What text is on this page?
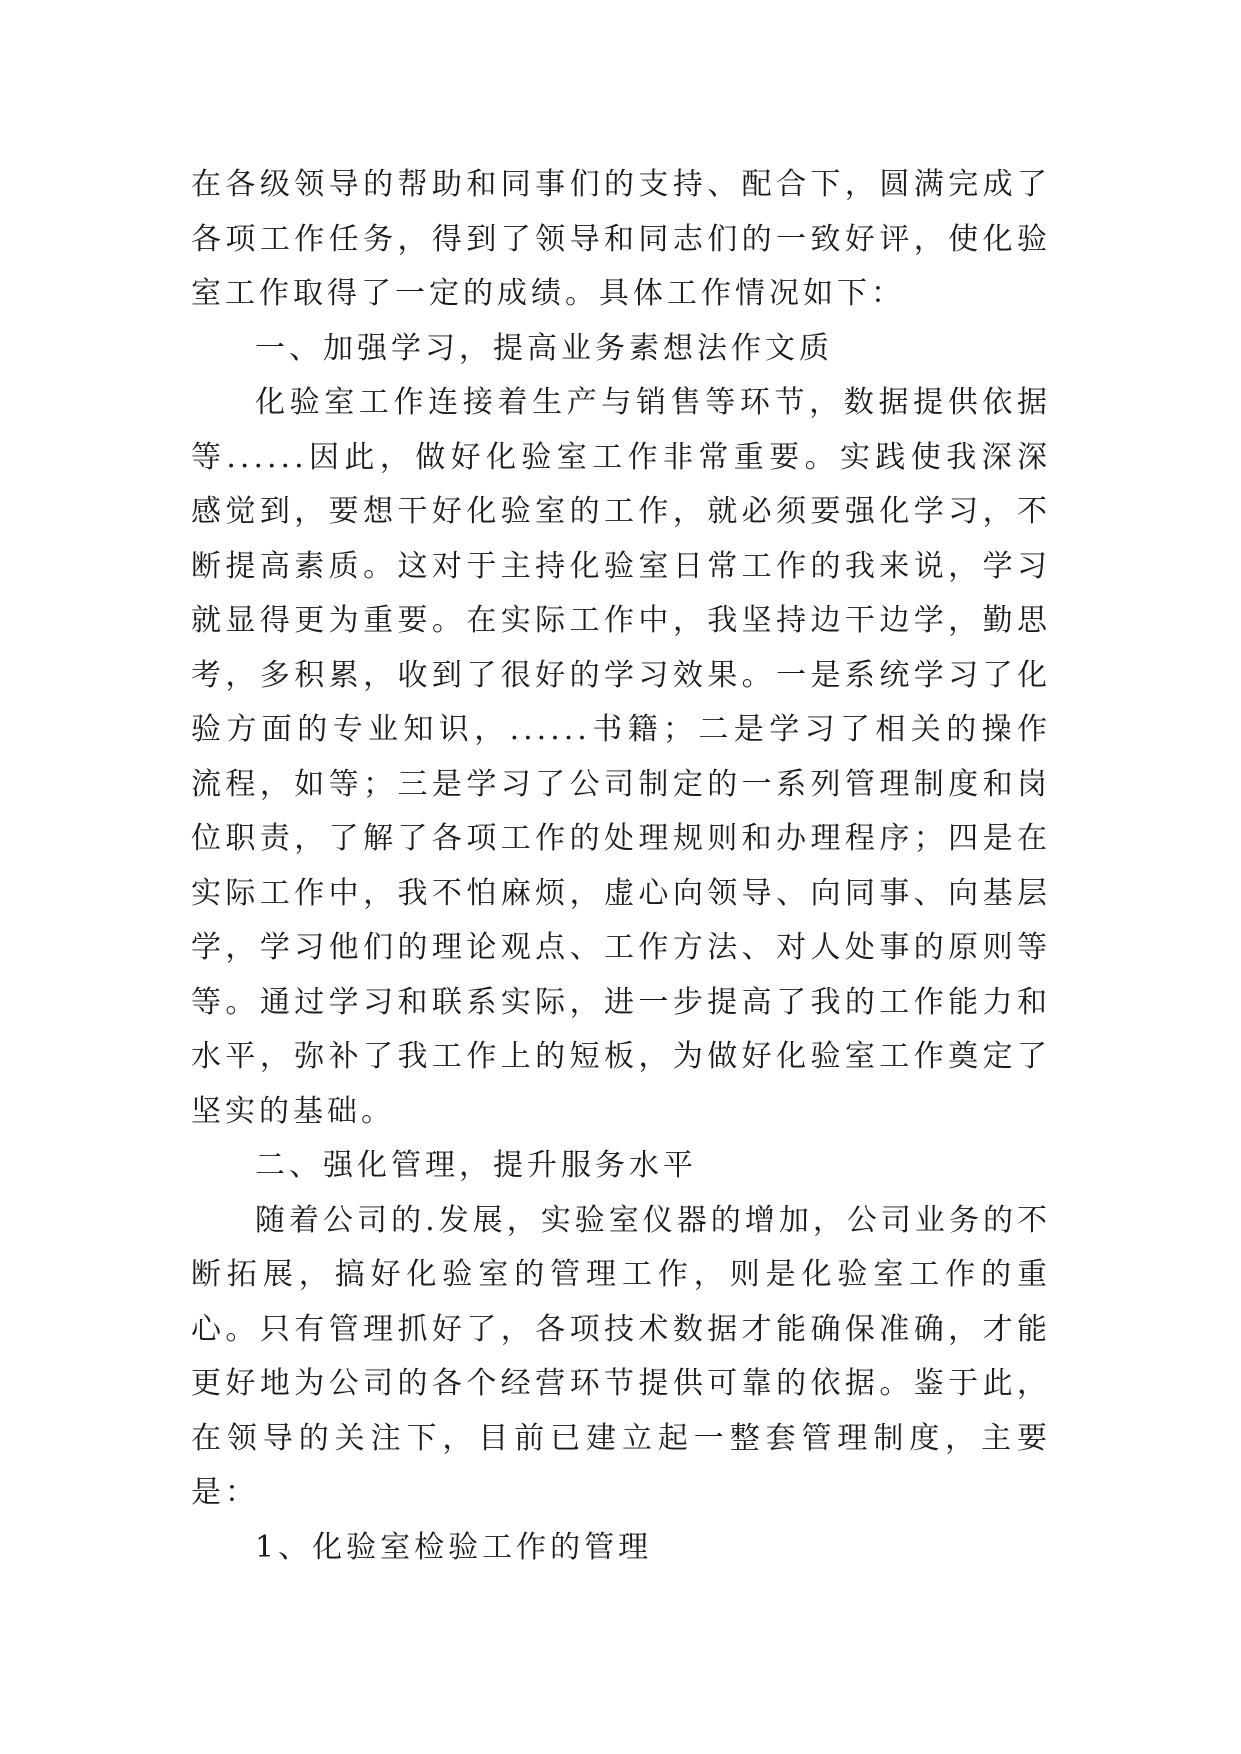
在各级领导的帮助和同事们的支持、配合下，圆满完成了各项工作任务，得到了领导和同志们的一致好评，使化验室工作取得了一定的成绩。具体工作情况如下：

一、加强学习，提高业务素想法作文质

化验室工作连接着生产与销售等环节，数据提供依据等......因此，做好化验室工作非常重要。实践使我深深感觉到，要想干好化验室的工作，就必须要强化学习，不断提高素质。这对于主持化验室日常工作的我来说，学习就显得更为重要。在实际工作中，我坚持边干边学，勤思考，多积累，收到了很好的学习效果。一是系统学习了化验方面的专业知识，......书籍；二是学习了相关的操作流程，如等；三是学习了公司制定的一系列管理制度和岗位职责，了解了各项工作的处理规则和办理程序；四是在实际工作中，我不怕麻烦，虚心向领导、向同事、向基层学，学习他们的理论观点、工作方法、对人处事的原则等等。通过学习和联系实际，进一步提高了我的工作能力和水平，弥补了我工作上的短板，为做好化验室工作奠定了坚实的基础。

二、强化管理，提升服务水平

随着公司的.发展，实验室仪器的增加，公司业务的不断拓展，搞好化验室的管理工作，则是化验室工作的重心。只有管理抓好了，各项技术数据才能确保准确，才能更好地为公司的各个经营环节提供可靠的依据。鉴于此，在领导的关注下，目前已建立起一整套管理制度，主要是：

1、化验室检验工作的管理
